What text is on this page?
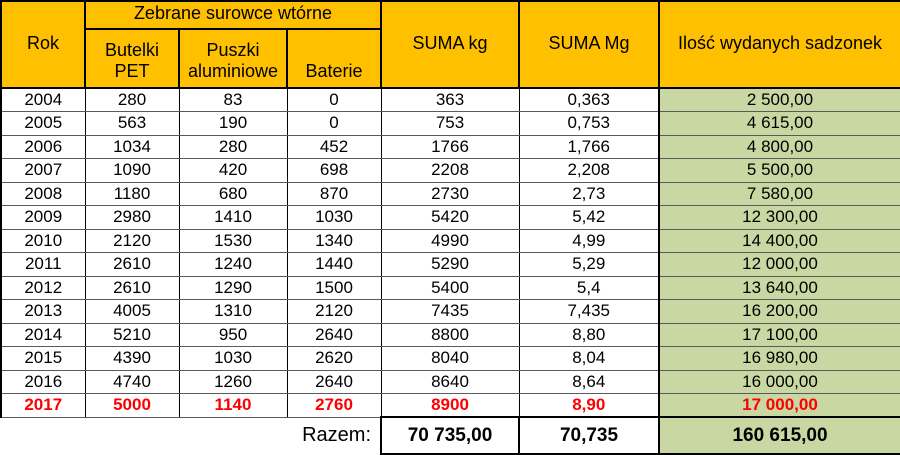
Rok	Zebrane surowce wtórne			SUMA kg	SUMA Mg	Ilość wydanych sadzonek
	Butelki PET	Puszki aluminiowe	Baterie			
2004	280	83	0	363	0,363	2 500,00
2005	563	190	0	753	0,753	4 615,00
2006	1034	280	452	1766	1,766	4 800,00
2007	1090	420	698	2208	2,208	5 500,00
2008	1180	680	870	2730	2,73	7 580,00
2009	2980	1410	1030	5420	5,42	12 300,00
2010	2120	1530	1340	4990	4,99	14 400,00
2011	2610	1240	1440	5290	5,29	12 000,00
2012	2610	1290	1500	5400	5,4	13 640,00
2013	4005	1310	2120	7435	7,435	16 200,00
2014	5210	950	2640	8800	8,80	17 100,00
2015	4390	1030	2620	8040	8,04	16 980,00
2016	4740	1260	2640	8640	8,64	16 000,00
2017	5000	1140	2760	8900	8,90	17 000,00
Razem:				70 735,00	70,735	160 615,00
